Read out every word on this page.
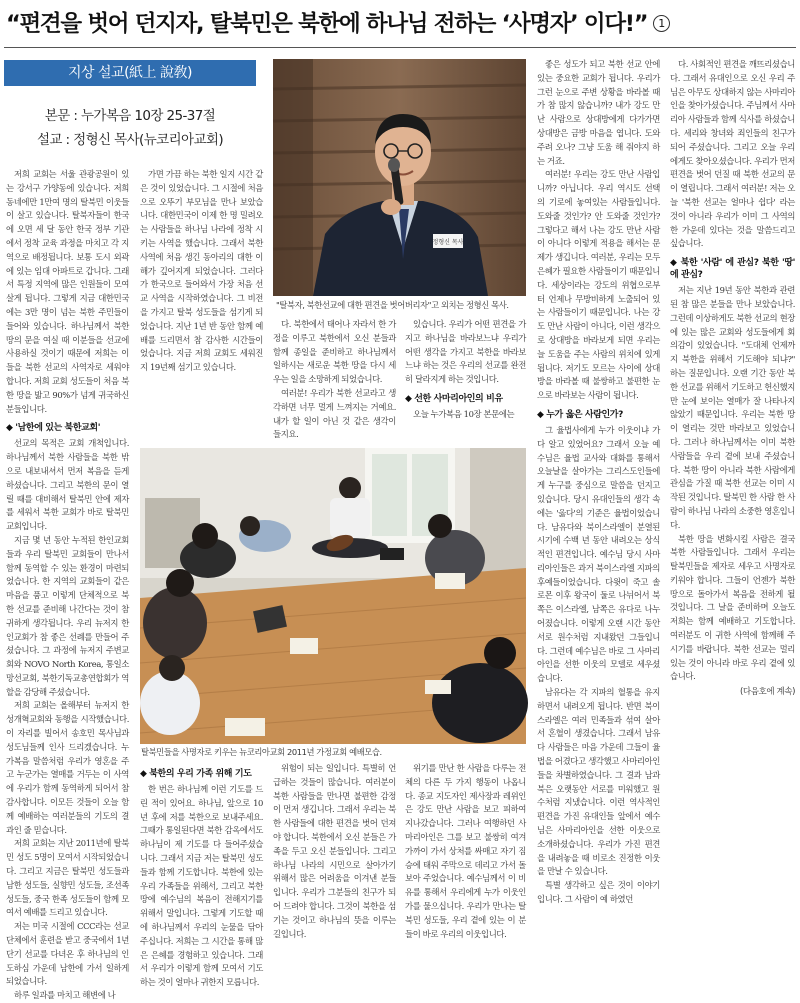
“편견을 벗어 던지자, 탈북민은 북한에 하나님 전하는 ‘사명자’ 이다!” 1
지상 설교(紙上 說敎)
본문 : 누가복음 10장 25-37절
설교 : 정형신 목사(뉴코리아교회)
정형신 목사
"탈북자, 북한선교에 대한 편견을 벗어버리자"고 외치는 정형신 목사.
탈북민들을 사명자로 키우는 뉴코리아교회 2011년 가정교회 예배모습.

저희 교회는 서울 관광공원이 있는 강서구 가양동에 있습니다. 저희 동네에만 1만여 명의 탈북민 이웃들이 살고 있습니다. 탈북자들이 한국에 오면 세 달 동안 한국 정부 기관에서 정착 교육 과정을 마치고 각 지역으로 배정됩니다. 보통 도시 외곽에 있는 임대 아파트로 갑니다. 그래서 특정 지역에 많은 인원들이 모여 살게 됩니다. 그렇게 지금 대한민국에는 3만 명이 넘는 북한 주민들이 들어와 있습니다. 하나님께서 북한 땅의 문을 여실 때 이분들을 선교에 사용하실 것이기 때문에 저희는 이들을 북한 선교의 사역자로 세워야 합니다. 저희 교회 성도들이 처음 북한 땅을 밟고 90%가 넘게 귀국하신 분들입니다.

◆ '남한에 있는 북한교회'

선교의 목적은 교회 개척입니다. 하나님께서 북한 사람들을 북한 밖으로 내보내셔서 먼저 복음을 듣게 하셨습니다. 그리고 북한의 문이 열릴 때를 대비해서 탈북민 안에 제자를 세워서 북한 교회가 바로 탈북민 교회입니다.

지금 몇 년 동안 누적된 한인교회들과 우리 탈북민 교회들이 만나서 함께 동역할 수 있는 환경이 마련되었습니다. 한 지역의 교회들이 같은 마음을 품고 이렇게 단체적으로 북한 선교를 준비해 나간다는 것이 참 귀하게 생각됩니다. 우리 뉴저지 한인교회가 참 좋은 선례를 만들어 주셨습니다. 그 과정에 뉴저지 주변교회와 NOVO North Korea, 통일소망선교회, 북한기독교총연합회가 역할을 감당해 주셨습니다.

저희 교회는 올해부터 뉴저지 한성개혁교회와 동행을 시작했습니다. 이 자리를 빌어서 송호민 목사님과 성도님들께 인사 드리겠습니다. 누가복음 말씀처럼 우리가 영혼을 주고 누군가는 열매를 거두는 이 사역에 우리가 함께 동역하게 되어서 참 감사합니다. 이모든 것들이 오늘 함께 예배하는 여러분들의 기도의 결과인 줄 믿습니다.

저희 교회는 지난 2011년에 탈북민 성도 5명이 모여서 시작되었습니다. 그리고 지금은 탈북민 성도들과 남한 성도들, 실향민 성도들, 조선족 성도들, 중국 한족 성도들이 함께 모여서 예배를 드리고 있습니다.

저는 미국 시절에 CCC라는 선교 단체에서 훈련을 받고 중국에서 1년 단기 선교를 다녀온 후 하나님의 인도하심 가운데 남한에 가서 일하게 되었습니다.

하루 일과를 마치고 해변에 나

가면 가끔 하는 북한 일지 시간 같은 것이 있었습니다. 그 시절에 처음으로 오뚜기 부모님을 만나 보았습니다. 대한민국이 이제 한 명 밀려오는 사람들을 하나님 나라에 정착 시키는 사역을 했습니다. 그래서 북한 사역에 처음 생긴 동아리의 대한 이해가 깊어지게 되었습니다. 그러다가 한국으로 들어와서 가장 처음 선교 사역을 시작하였습니다. 그 비전을 가지고 탈북 성도들을 섬기게 되었습니다. 지난 1년 반 동안 함께 예배를 드리면서 참 감사한 시간들이었습니다. 지금 저희 교회도 세워진 지 19년째 섬기고 있습니다.

◆ 북한의 우리 가족 위해 기도

한 번은 하나님께 이런 기도를 드린 적이 있어요. 하나님, 앞으로 10년 후에 저를 북한으로 보내주세요. 그때가 통일된다면 북한 감옥에서도 하나님이 제 기도를 다 들어주셨습니다. 그래서 지금 저는 탈북민 성도들과 함께 기도합니다. 북한에 있는 우리 가족들을 위해서, 그리고 북한 땅에 예수님의 복음이 전해지기를 위해서 말입니다. 그렇게 기도할 때에 하나님께서 우리의 눈물을 닦아 주십니다. 저희는 그 시간을 통해 많은 은혜를 경험하고 있습니다. 그래서 우리가 이렇게 함께 모여서 기도하는 것이 얼마나 귀한지 모릅니다.

다. 북한에서 태어나 자라서 한 가정을 이루고 북한에서 오신 분들과 함께 종일을 준비하고 하나님께서 일하시는 새로운 북한 땅을 다시 세우는 일을 소망하게 되었습니다.

여러분! 우리가 북한 선교라고 생각하면 너무 멀게 느껴지는 거예요. 내가 할 일이 아닌 것 같은 생각이 들지요.

위험이 되는 일입니다. 특별히 언급하는 것들이 많습니다. 여러분이 북한 사람들을 만나면 불편한 감정이 먼저 생깁니다. 그래서 우리는 북한 사람들에 대한 편견을 벗어 던져야 합니다. 북한에서 오신 분들은 가족을 두고 오신 분들입니다. 그리고 하나님 나라의 시민으로 살아가기 위해서 많은 어려움을 이겨낸 분들입니다. 우리가 그분들의 친구가 되어 드려야 합니다. 그것이 북한을 섬기는 것이고 하나님의 뜻을 이루는 길입니다.

있습니다. 우리가 어떤 편견을 가지고 하나님을 바라보느냐 우리가 어떤 생각을 가지고 북한을 바라보느냐 하는 것은 우리의 선교를 완전히 달라지게 하는 것입니다.

◆ 선한 사마리아인의 비유

오늘 누가복음 10장 본문에는

위기를 만난 한 사람을 다루는 전체의 다른 두 가지 행동이 나옵니다. 종교 지도자인 제사장과 레위인은 강도 만난 사람을 보고 피하여 지나갔습니다. 그러나 여행하던 사마리아인은 그를 보고 불쌍히 여겨 가까이 가서 상처를 싸매고 자기 짐승에 태워 주막으로 데리고 가서 돌보아 주었습니다. 예수님께서 이 비유를 통해서 우리에게 누가 이웃인가를 물으십니다. 우리가 만나는 탈북민 성도들, 우리 곁에 있는 이 분들이 바로 우리의 이웃입니다.

좋은 성도가 되고 북한 선교 안에 있는 중요한 교회가 됩니다. 우리가 그런 눈으로 주변 상황을 바라볼 때가 참 많지 않습니까? 내가 강도 만난 사람으로 상대방에게 다가가면 상대방은 금방 마음을 엽니다. 도와주려 오나? 그냥 도움 해 줘야지 하는 거죠.

여러분! 우리는 강도 만난 사람입니까? 아닙니다. 우리 역시도 선택의 기로에 놓여있는 사람들입니다. 도와줄 것인가? 안 도와줄 것인가? 그렇다고 해서 나는 강도 만난 사람이 아니다 이렇게 적용을 해서는 문제가 생깁니다. 여러분, 우리는 모두 은혜가 필요한 사람들이기 때문입니다. 세상이라는 강도의 위협으로부터 언제나 무방비하게 노출되어 있는 사람들이기 때문입니다. 나는 강도 만난 사람이 아니다, 이런 생각으로 상대방을 바라보게 되면 우리는 늘 도움을 주는 사람의 위치에 있게 됩니다. 저기도 모르는 사이에 상대방을 바라볼 때 불쌍하고 불편한 눈으로 바라보는 사람이 됩니다.

◆ 누가 옳은 사람인가?

그 율법사에게 누가 이웃이냐 가 다 알고 있었어요? 그래서 오늘 예수님은 율법 교사와 대화를 통해서 오늘날을 살아가는 그리스도인들에게 누구를 중심으로 말씀을 던지고 있습니다. 당시 유대인들의 생각 속에는 '옳다'의 기준은 율법이었습니다. 남유다와 북이스라엘이 분열된 시기에 수백 년 동안 내려오는 상식적인 편견입니다. 예수님 당시 사마리아인들은 과거 북이스라엘 지파의 후예들이었습니다. 다윗이 죽고 솔로몬 이후 왕국이 둘로 나뉘어서 북쪽은 이스라엘, 남쪽은 유다로 나누어졌습니다. 이렇게 오랜 시간 동안 서로 원수처럼 지내왔던 그들입니다. 그런데 예수님은 바로 그 사마리아인을 선한 이웃의 모델로 세우셨습니다.

남유다는 각 지파의 혈통을 유지하면서 내려오게 됩니다. 반면 북이스라엘은 여러 민족들과 섞여 살아서 혼혈이 생겼습니다. 그래서 남유다 사람들은 마음 가운데 그들이 율법을 어겼다고 생각했고 사마리아인들을 차별하였습니다. 그 결과 남과 북은 오랫동안 서로를 미워했고 원수처럼 지냈습니다. 이런 역사적인 편견을 가진 유대인들 앞에서 예수님은 사마리아인을 선한 이웃으로 소개하셨습니다. 우리가 가진 편견을 내려놓을 때 비로소 진정한 이웃을 만날 수 있습니다.

특별 생각하고 싶은 것이 이야기입니다. 그 사람이 예 하였던

다. 사회적인 편견을 깨뜨리셨습니다. 그래서 유대인으로 오신 우리 주님은 아무도 상대하지 않는 사마리아인을 찾아가셨습니다. 주님께서 사마리아 사람들과 함께 식사를 하셨습니다. 세리와 창녀와 죄인들의 친구가 되어 주셨습니다. 그리고 오늘 우리에게도 찾아오셨습니다. 우리가 먼저 편견을 벗어 던질 때 북한 선교의 문이 열립니다. 그래서 여러분! 저는 오늘 '북한 선교는 얼마나 쉽다' 라는 것이 아니라 우리가 이미 그 사역의 한 가운데 있다는 것을 말씀드리고 싶습니다.

◆ 북한 '사람' 에 관심? 북한 '땅' 에 관심?

저는 지난 19년 동안 북한과 관련된 참 많은 분들을 만나 보았습니다. 그런데 이상하게도 북한 선교의 현장에 있는 많은 교회와 성도들에게 회의감이 있었습니다. "도대체 언제까지 북한을 위해서 기도해야 되냐?" 하는 질문입니다. 오랜 기간 동안 북한 선교를 위해서 기도하고 헌신했지만 눈에 보이는 열매가 잘 나타나지 않았기 때문입니다. 우리는 북한 땅이 열리는 것만 바라보고 있었습니다. 그러나 하나님께서는 이미 북한 사람들을 우리 곁에 보내 주셨습니다. 북한 땅이 아니라 북한 사람에게 관심을 가질 때 북한 선교는 이미 시작된 것입니다. 탈북민 한 사람 한 사람이 하나님 나라의 소중한 영혼입니다.

북한 땅을 변화시킬 사람은 결국 북한 사람들입니다. 그래서 우리는 탈북민들을 제자로 세우고 사명자로 키워야 합니다. 그들이 언젠가 북한 땅으로 돌아가서 복음을 전하게 될 것입니다. 그 날을 준비하며 오늘도 저희는 함께 예배하고 기도합니다. 여러분도 이 귀한 사역에 함께해 주시기를 바랍니다. 북한 선교는 멀리 있는 것이 아니라 바로 우리 곁에 있습니다.

(다음호에 계속)
